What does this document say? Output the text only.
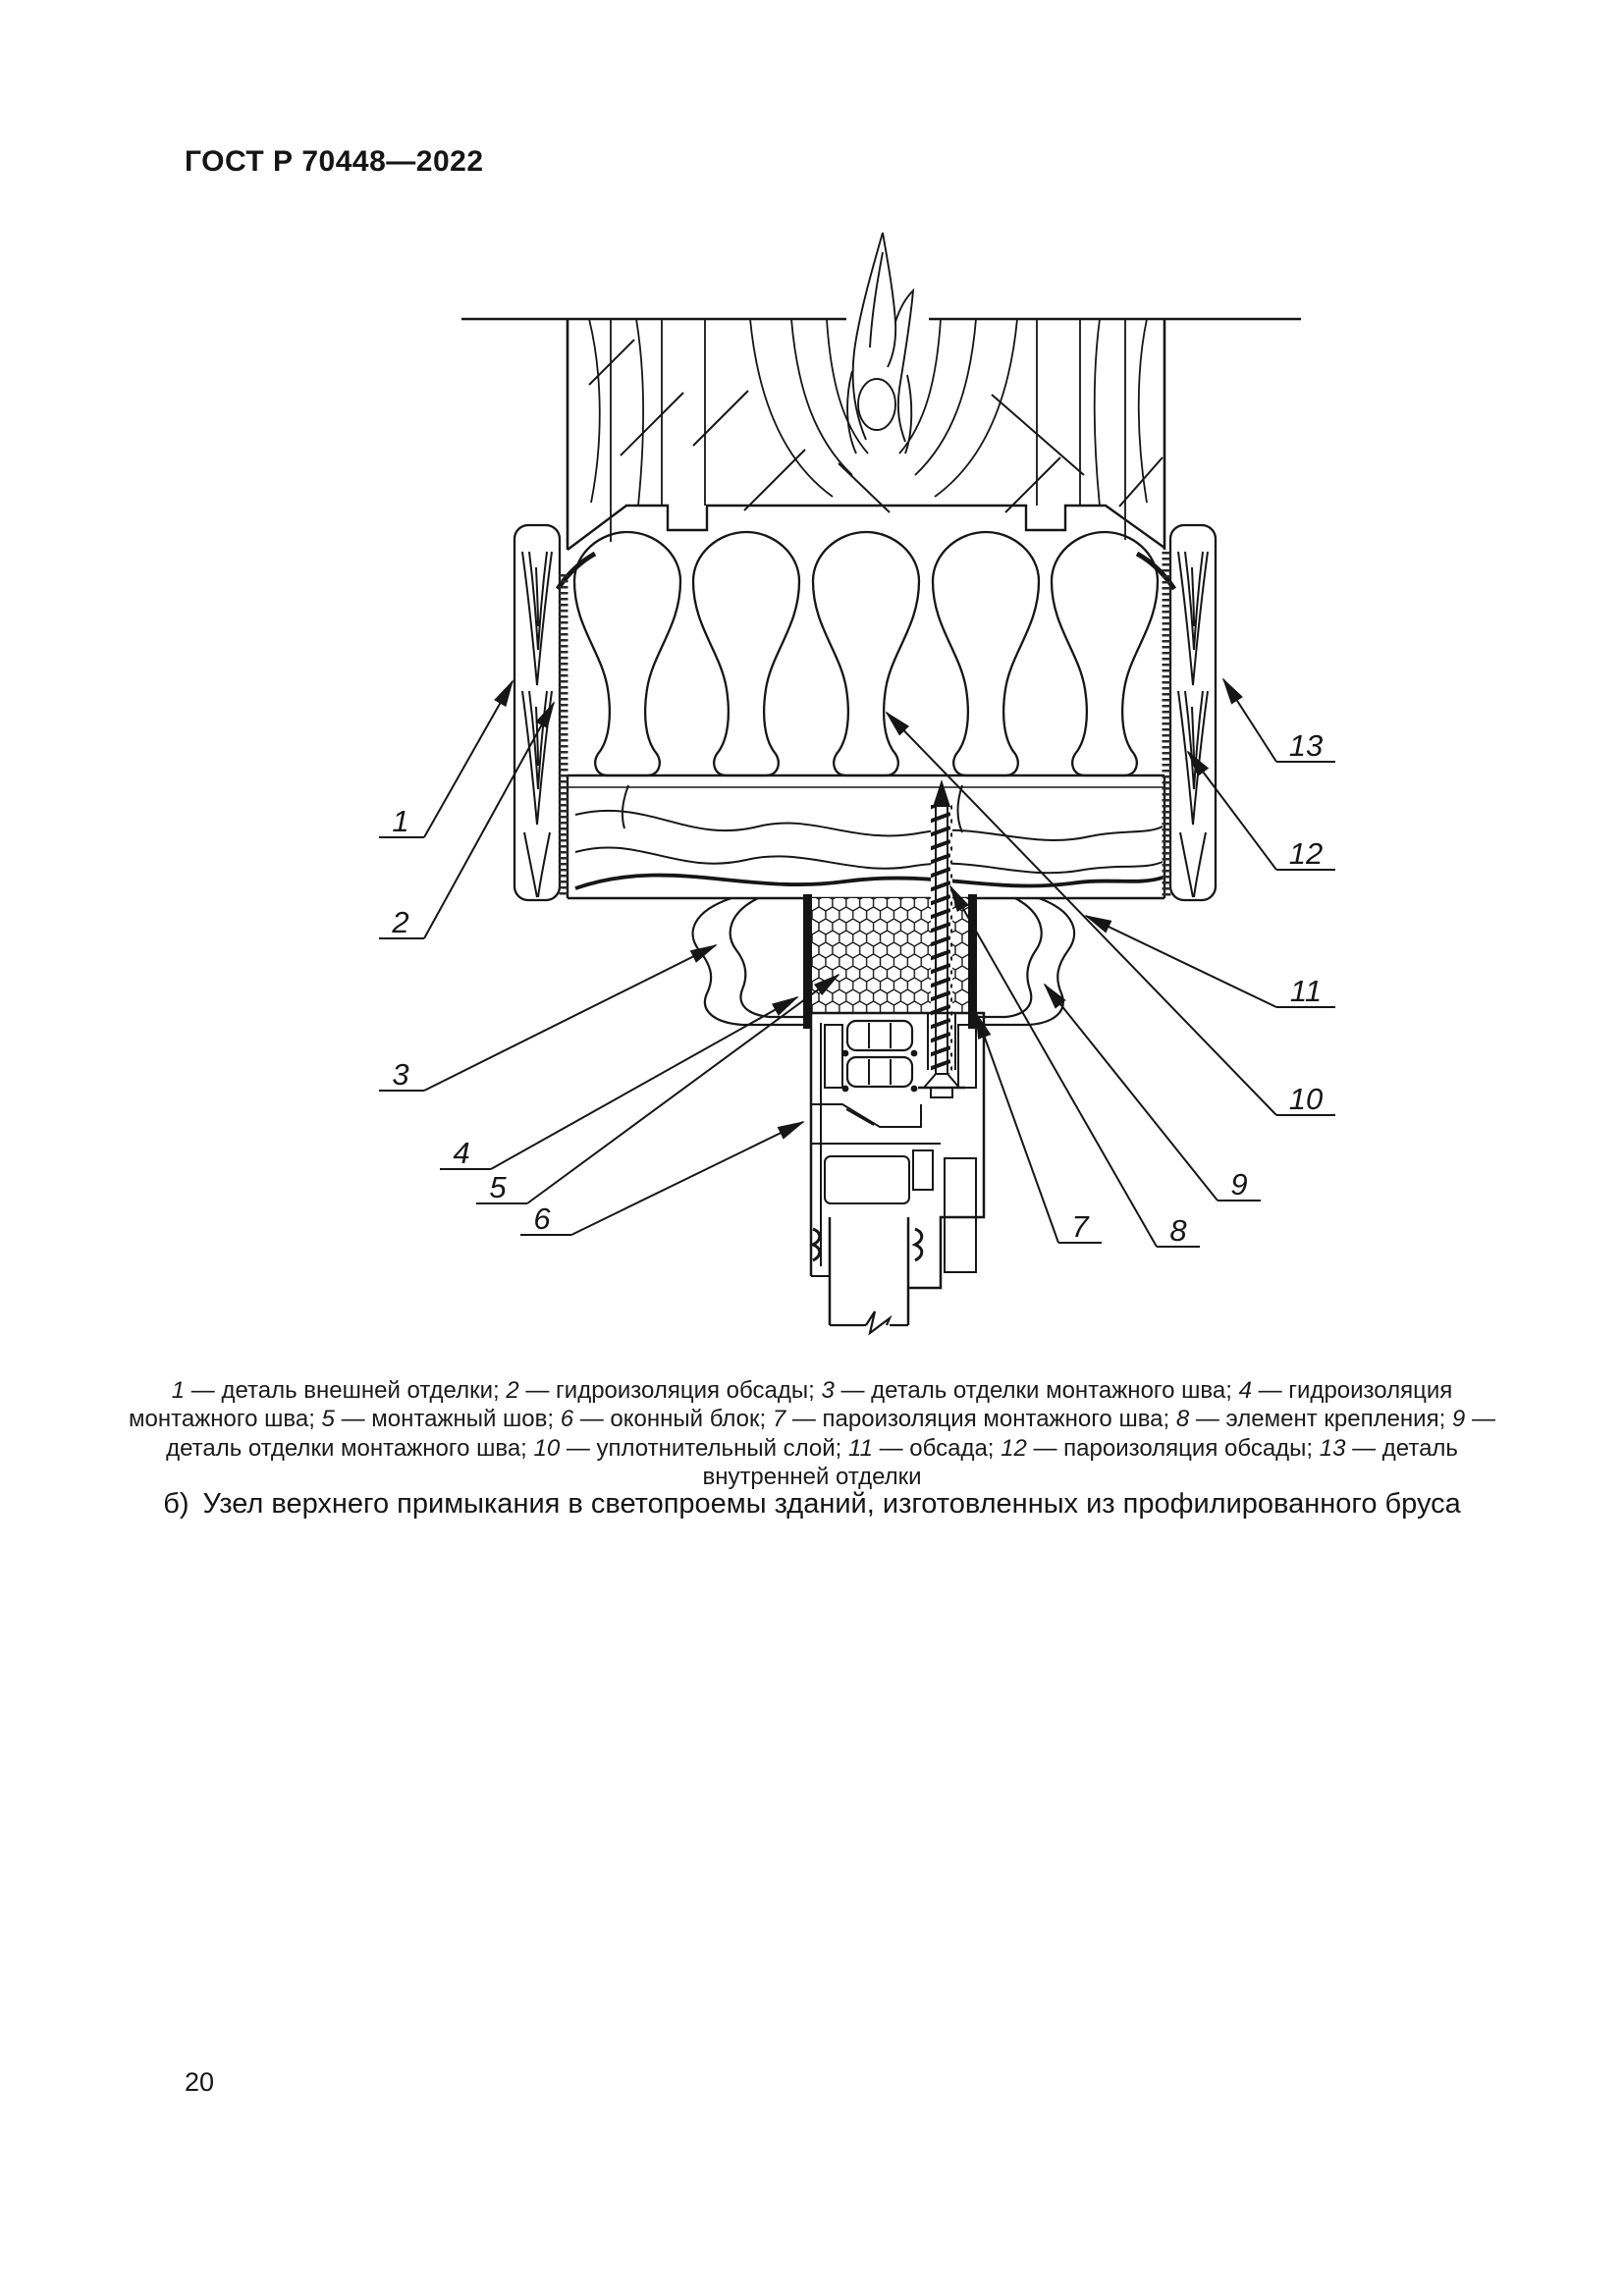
ГОСТ Р 70448—2022
1
2
3
4
5
6	7	8
9
10
11
12
13
1 — деталь внешней отделки; 2 — гидроизоляция обсады; 3 — деталь отделки монтажного шва; 4 — гидроизоляция монтажного шва; 5 — монтажный шов; 6 — оконный блок; 7 — пароизоляция монтажного шва; 8 — элемент крепления; 9 — деталь отделки монтажного шва; 10 — уплотнительный слой; 11 — обсада; 12 — пароизоляция обсады; 13 — деталь внутренней отделки
б) Узел верхнего примыкания в светопроемы зданий, изготовленных из профилированного бруса
20
